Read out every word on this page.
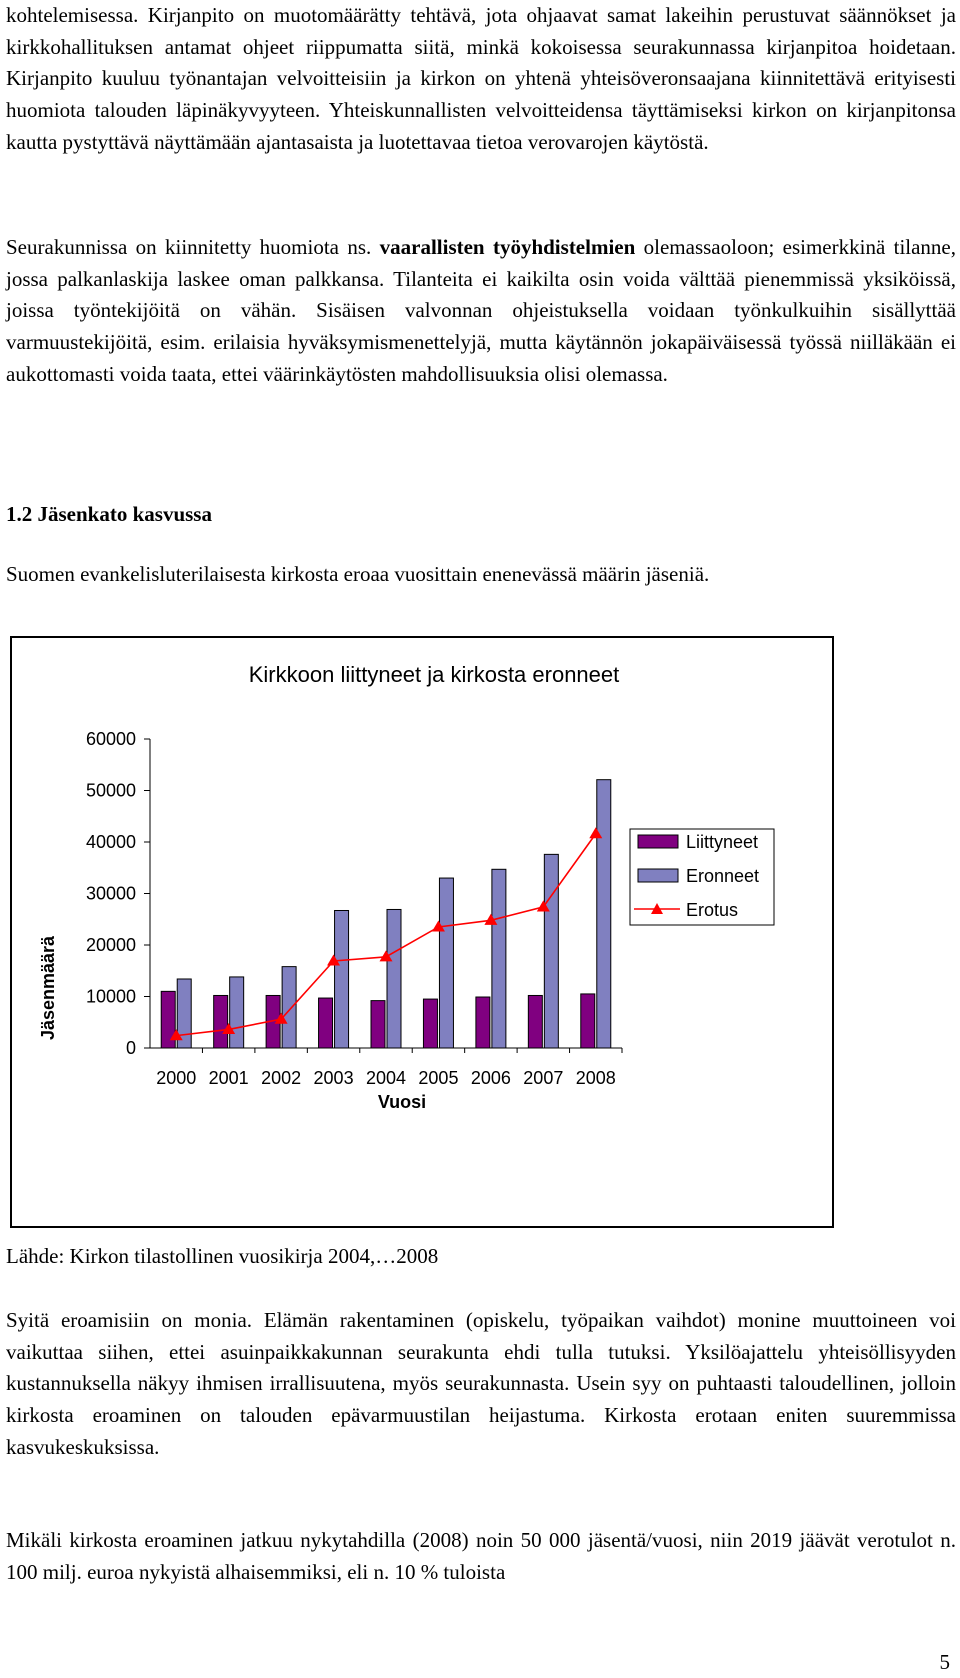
kohtelemisessa. Kirjanpito on muotomäärätty tehtävä, jota ohjaavat samat lakeihin perustuvat säännökset ja kirkkohallituksen antamat ohjeet riippumatta siitä, minkä kokoisessa seurakunnassa kirjanpitoa hoidetaan. Kirjanpito kuuluu työnantajan velvoitteisiin ja kirkon on yhtenä yhteisöveronsaajana kiinnitettävä erityisesti huomiota talouden läpinäkyvyyteen. Yhteiskunnallisten velvoitteidensa täyttämiseksi kirkon on kirjanpitonsa kautta pystyttävä näyttämään ajantasaista ja luotettavaa tietoa verovarojen käytöstä.

Seurakunnissa on kiinnitetty huomiota ns. vaarallisten työyhdistelmien olemassaoloon; esimerkkinä tilanne, jossa palkanlaskija laskee oman palkkansa. Tilanteita ei kaikilta osin voida välttää pienemmissä yksiköissä, joissa työntekijöitä on vähän. Sisäisen valvonnan ohjeistuksella voidaan työnkulkuihin sisällyttää varmuustekijöitä, esim. erilaisia hyväksymismenettelyjä, mutta käytännön jokapäiväisessä työssä niilläkään ei aukottomasti voida taata, ettei väärinkäytösten mahdollisuuksia olisi olemassa.

1.2 Jäsenkato kasvussa

Suomen evankelisluterilaisesta kirkosta eroaa vuosittain enenevässä määrin jäseniä.

Kirkkoon liittyneet ja kirkosta eronneet
Jäsenmäärä
Vuosi
0
10000
20000
30000
40000
50000
60000
2000 2001 2002 2003 2004 2005 2006 2007 2008
Liittyneet
Eronneet
Erotus

Lähde: Kirkon tilastollinen vuosikirja 2004,…2008

Syitä eroamisiin on monia. Elämän rakentaminen (opiskelu, työpaikan vaihdot) monine muuttoineen voi vaikuttaa siihen, ettei asuinpaikkakunnan seurakunta ehdi tulla tutuksi. Yksilöajattelu yhteisöllisyyden kustannuksella näkyy ihmisen irrallisuutena, myös seurakunnasta. Usein syy on puhtaasti taloudellinen, jolloin kirkosta eroaminen on talouden epävarmuustilan heijastuma. Kirkosta erotaan eniten suuremmissa kasvukeskuksissa.

Mikäli kirkosta eroaminen jatkuu nykytahdilla (2008) noin 50 000 jäsentä/vuosi, niin 2019 jäävät verotulot n. 100 milj. euroa nykyistä alhaisemmiksi, eli n. 10 % tuloista

5
